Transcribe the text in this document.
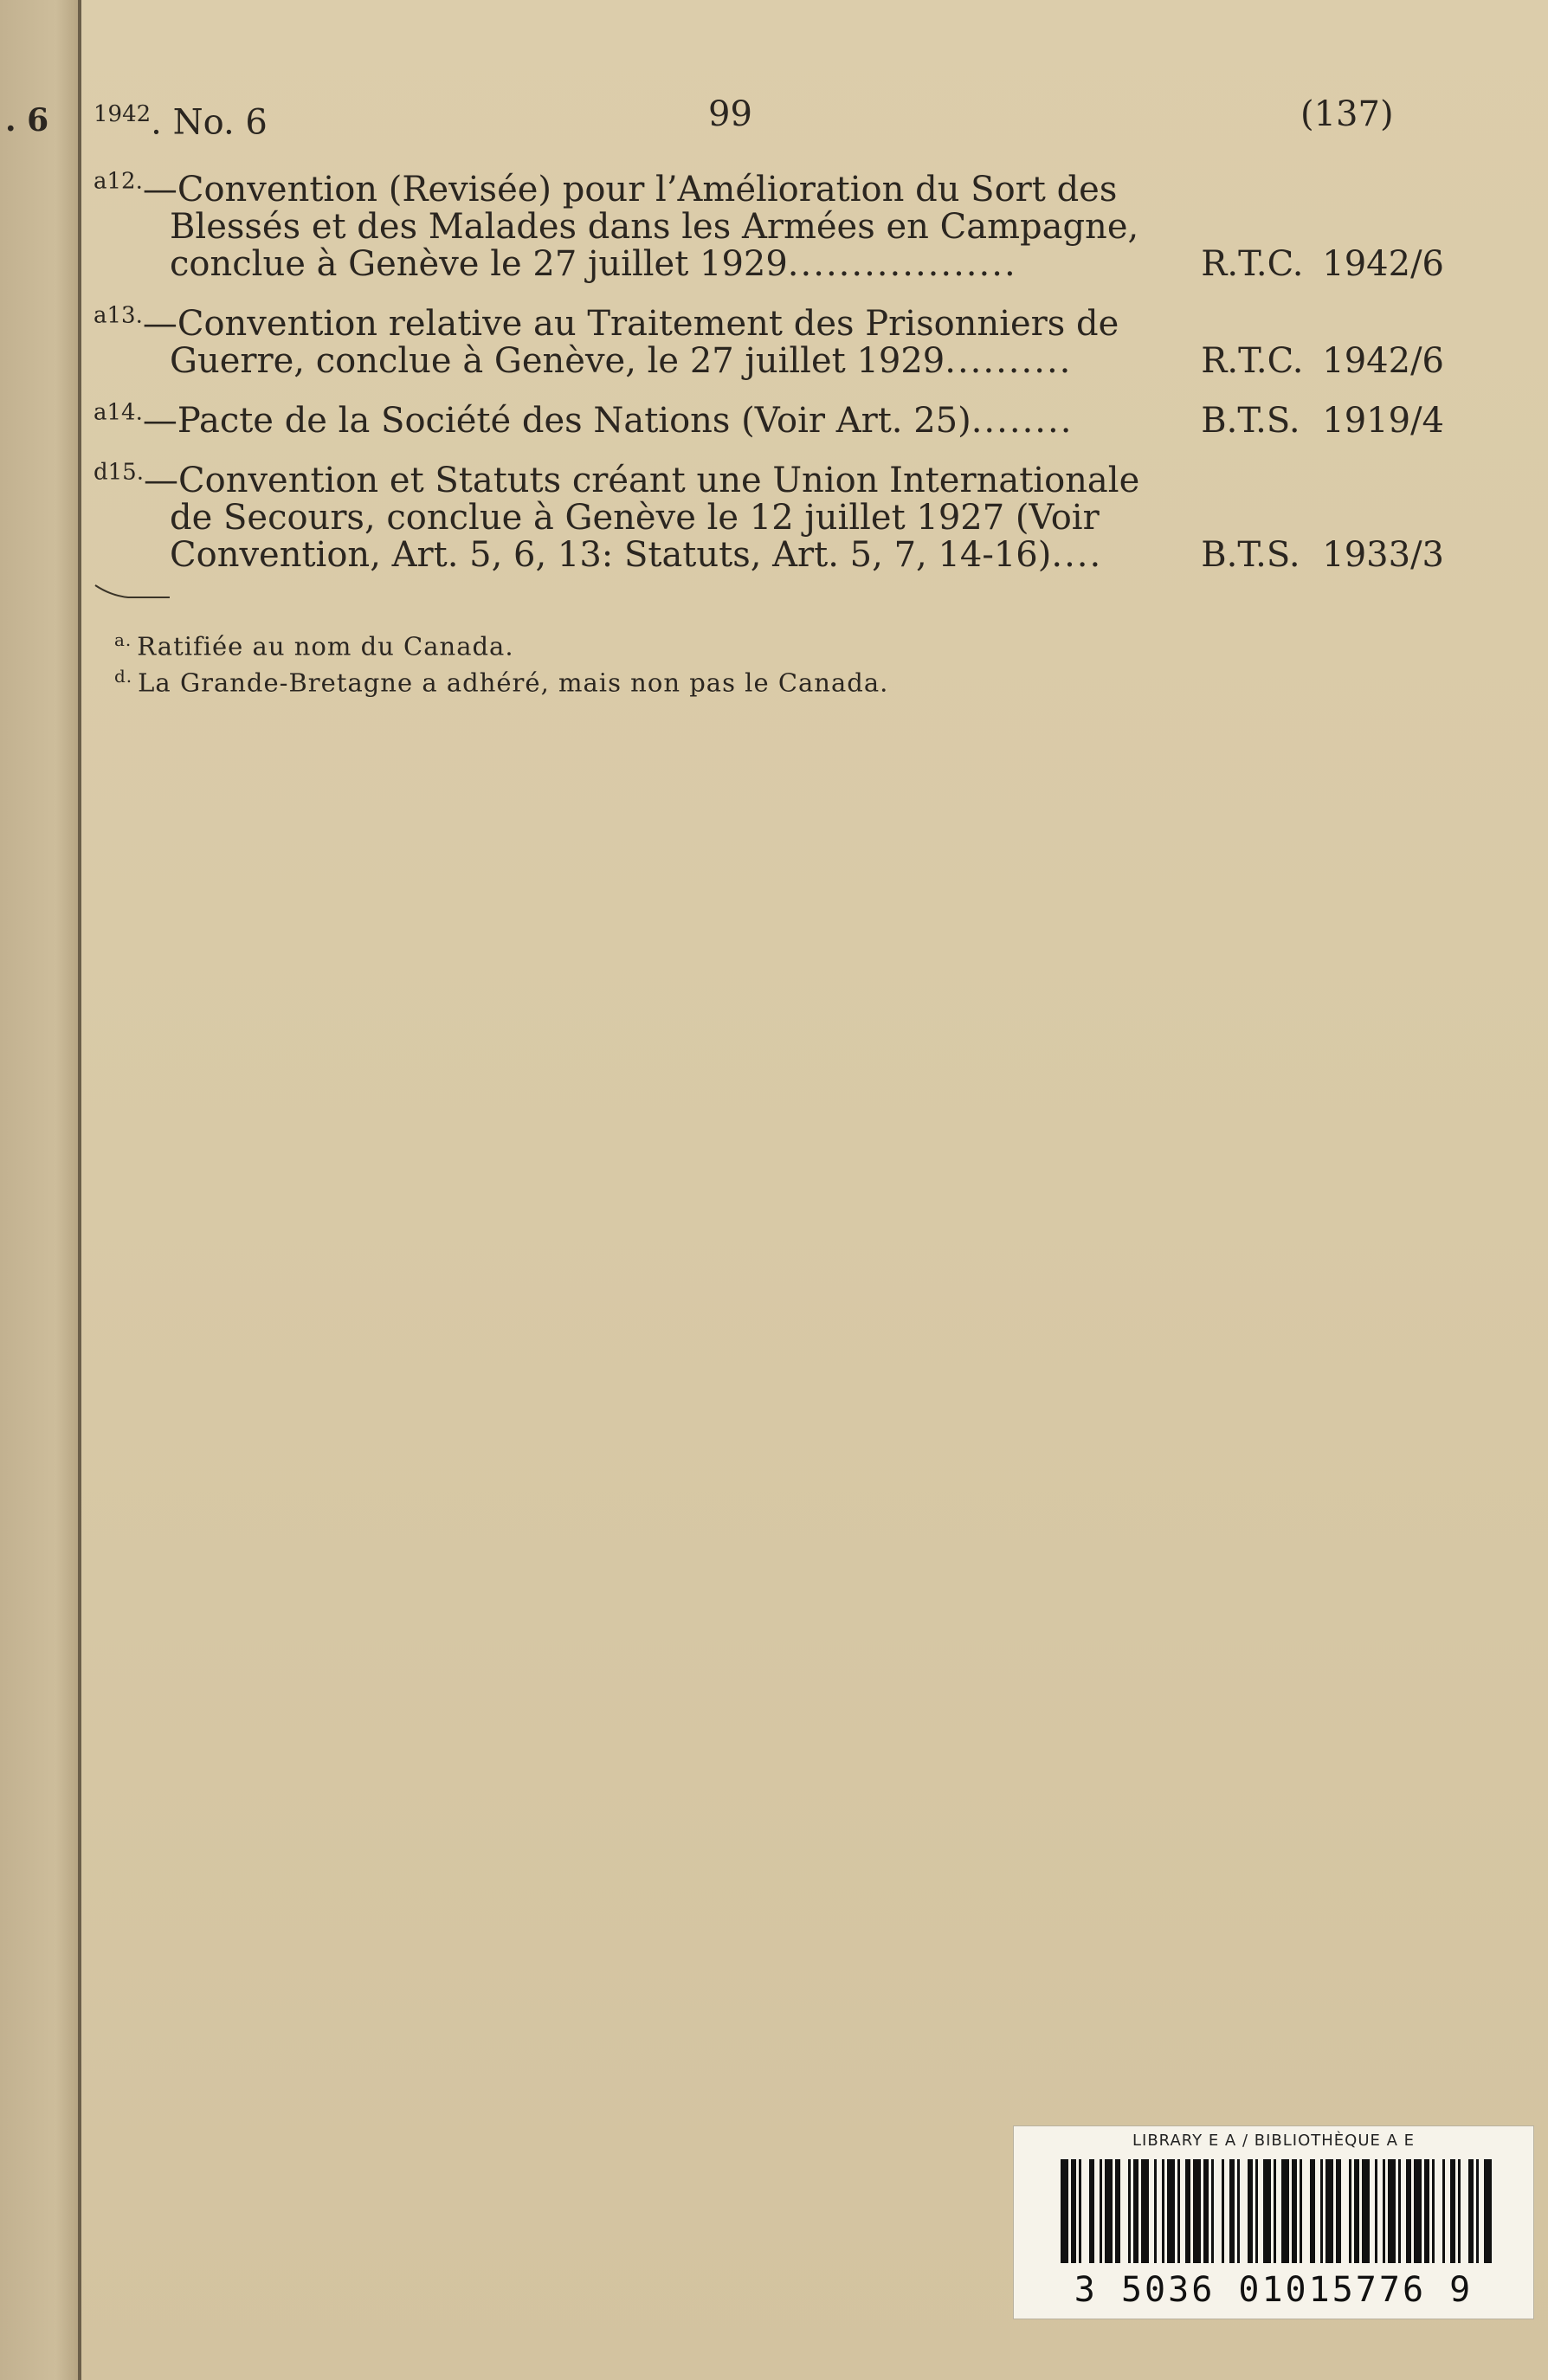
. 6 $^{1942}$. No. 6	99	(137)
$^{a12.}$—Convention (Revisée) pour l’Amélioration du Sort des
Blessés et des Malades dans les Armées en Campagne,
conclue à Genève le 27 juillet 1929..................	R.T.C. 1942/6
$^{a13.}$—Convention relative au Traitement des Prisonniers de
Guerre, conclue à Genève, le 27 juillet 1929..........	R.T.C. 1942/6
$^{a14.}$—Pacte de la Société des Nations (Voir Art. 25)........	B.T.S. 1919/4
$^{d15.}$—Convention et Statuts créant une Union Internationale
de Secours, conclue à Genève le 12 juillet 1927 (Voir
Convention, Art. 5, 6, 13: Statuts, Art. 5, 7, 14-16)....	B.T.S. 1933/3
$^{a.}$ Ratifiée au nom du Canada.
$^{d.}$ La Grande-Bretagne a adhéré, mais non pas le Canada.
LIBRARY E A / BIBLIOTHÈQUE A E
3 5036 01015776 9
